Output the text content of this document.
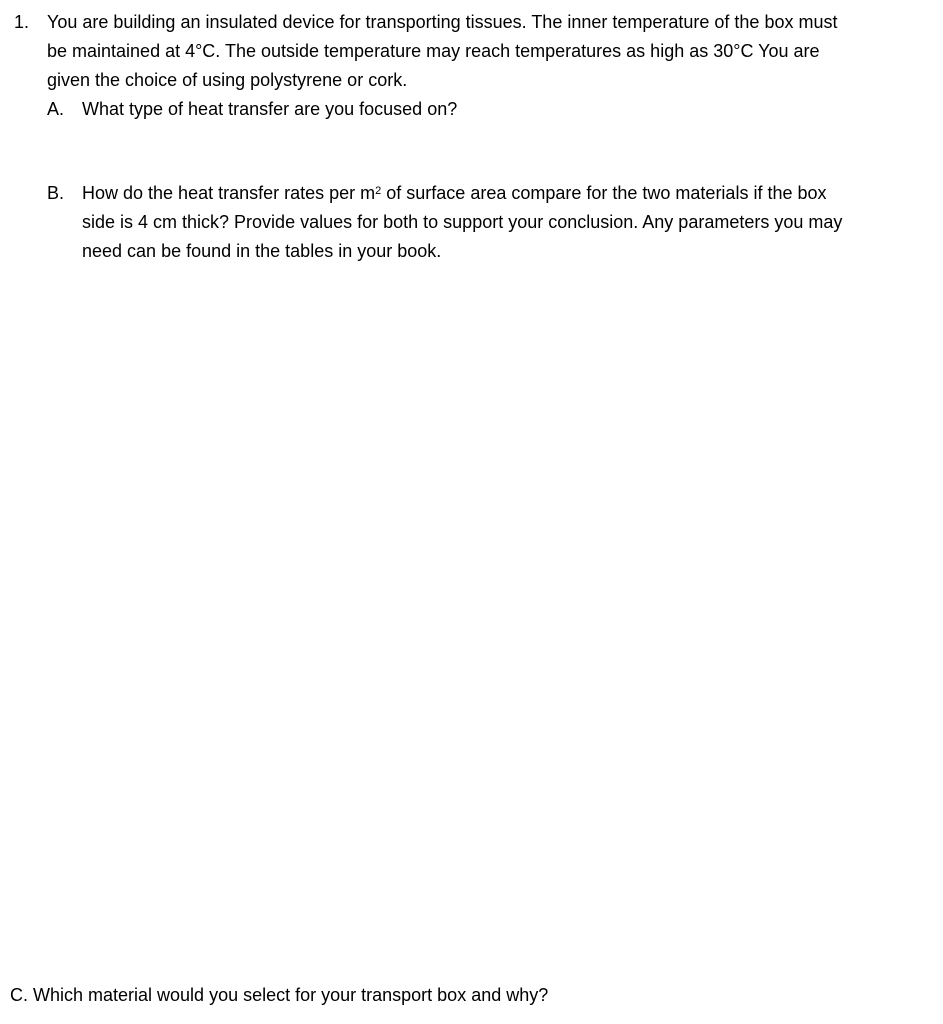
1. You are building an insulated device for transporting tissues. The inner temperature of the box must
be maintained at 4°C. The outside temperature may reach temperatures as high as 30°C You are
given the choice of using polystyrene or cork.
A. What type of heat transfer are you focused on?
B. How do the heat transfer rates per $m^2$ of surface area compare for the two materials if the box
side is 4 cm thick? Provide values for both to support your conclusion. Any parameters you may
need can be found in the tables in your book.
C. Which material would you select for your transport box and why?
